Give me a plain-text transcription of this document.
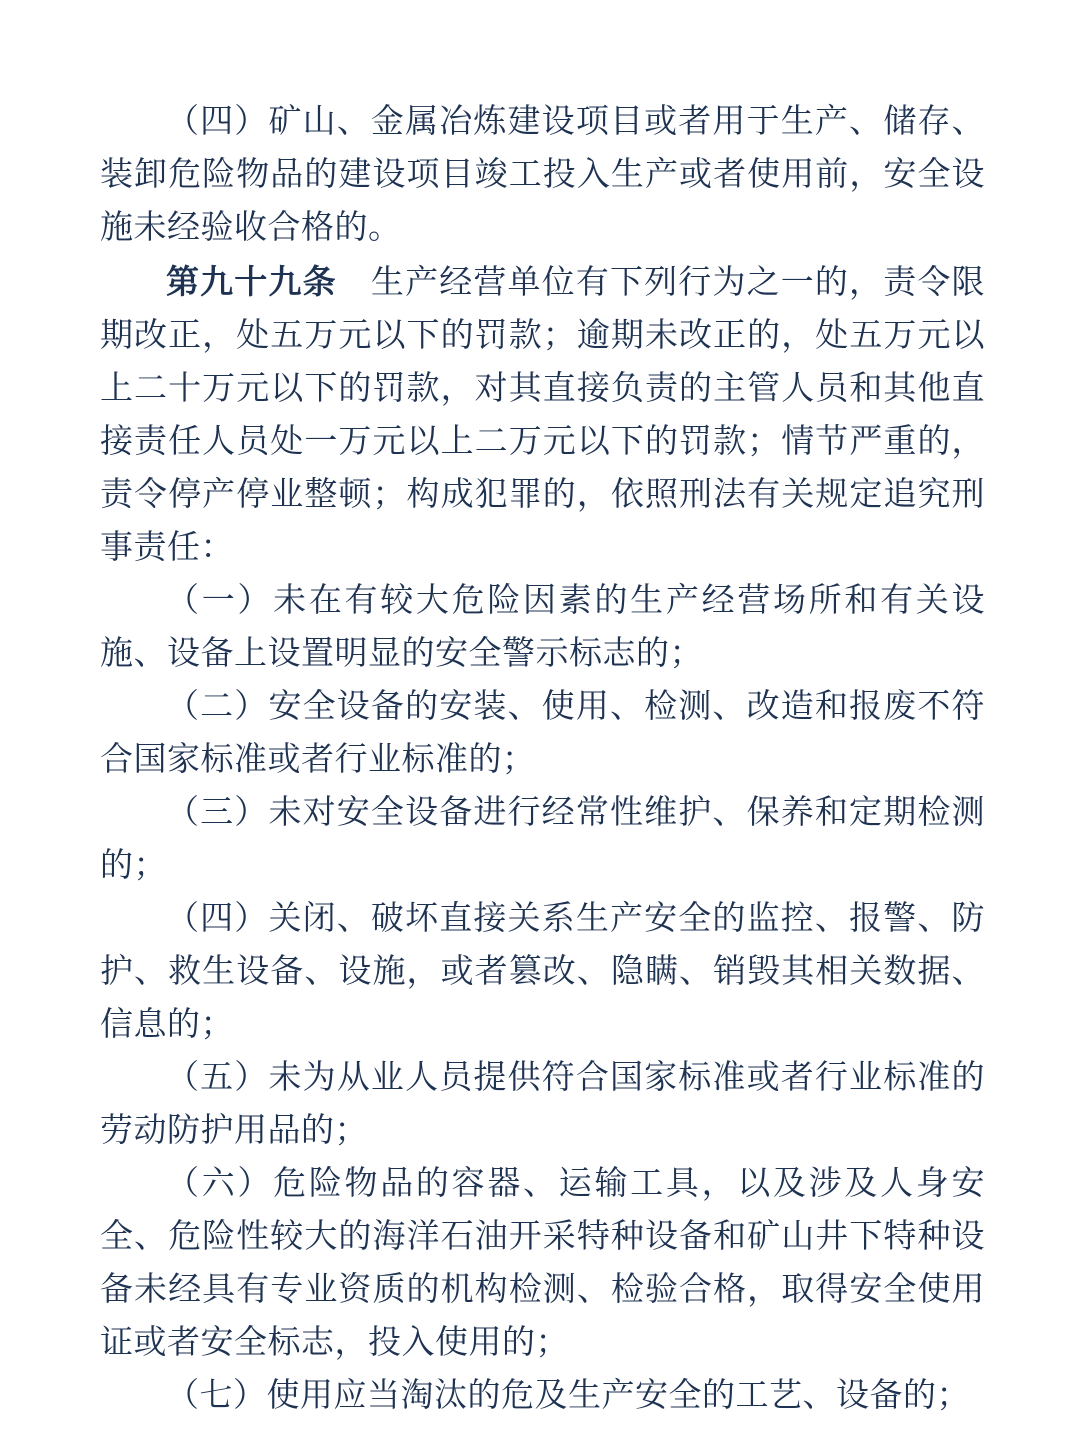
（四）矿山、金属冶炼建设项目或者用于生产、储存、装卸危险物品的建设项目竣工投入生产或者使用前，安全设施未经验收合格的。

第九十九条　生产经营单位有下列行为之一的，责令限期改正，处五万元以下的罚款；逾期未改正的，处五万元以上二十万元以下的罚款，对其直接负责的主管人员和其他直接责任人员处一万元以上二万元以下的罚款；情节严重的，责令停产停业整顿；构成犯罪的，依照刑法有关规定追究刑事责任：

（一）未在有较大危险因素的生产经营场所和有关设施、设备上设置明显的安全警示标志的；

（二）安全设备的安装、使用、检测、改造和报废不符合国家标准或者行业标准的；

（三）未对安全设备进行经常性维护、保养和定期检测的；

（四）关闭、破坏直接关系生产安全的监控、报警、防护、救生设备、设施，或者篡改、隐瞒、销毁其相关数据、信息的；

（五）未为从业人员提供符合国家标准或者行业标准的劳动防护用品的；

（六）危险物品的容器、运输工具，以及涉及人身安全、危险性较大的海洋石油开采特种设备和矿山井下特种设备未经具有专业资质的机构检测、检验合格，取得安全使用证或者安全标志，投入使用的；

（七）使用应当淘汰的危及生产安全的工艺、设备的；
